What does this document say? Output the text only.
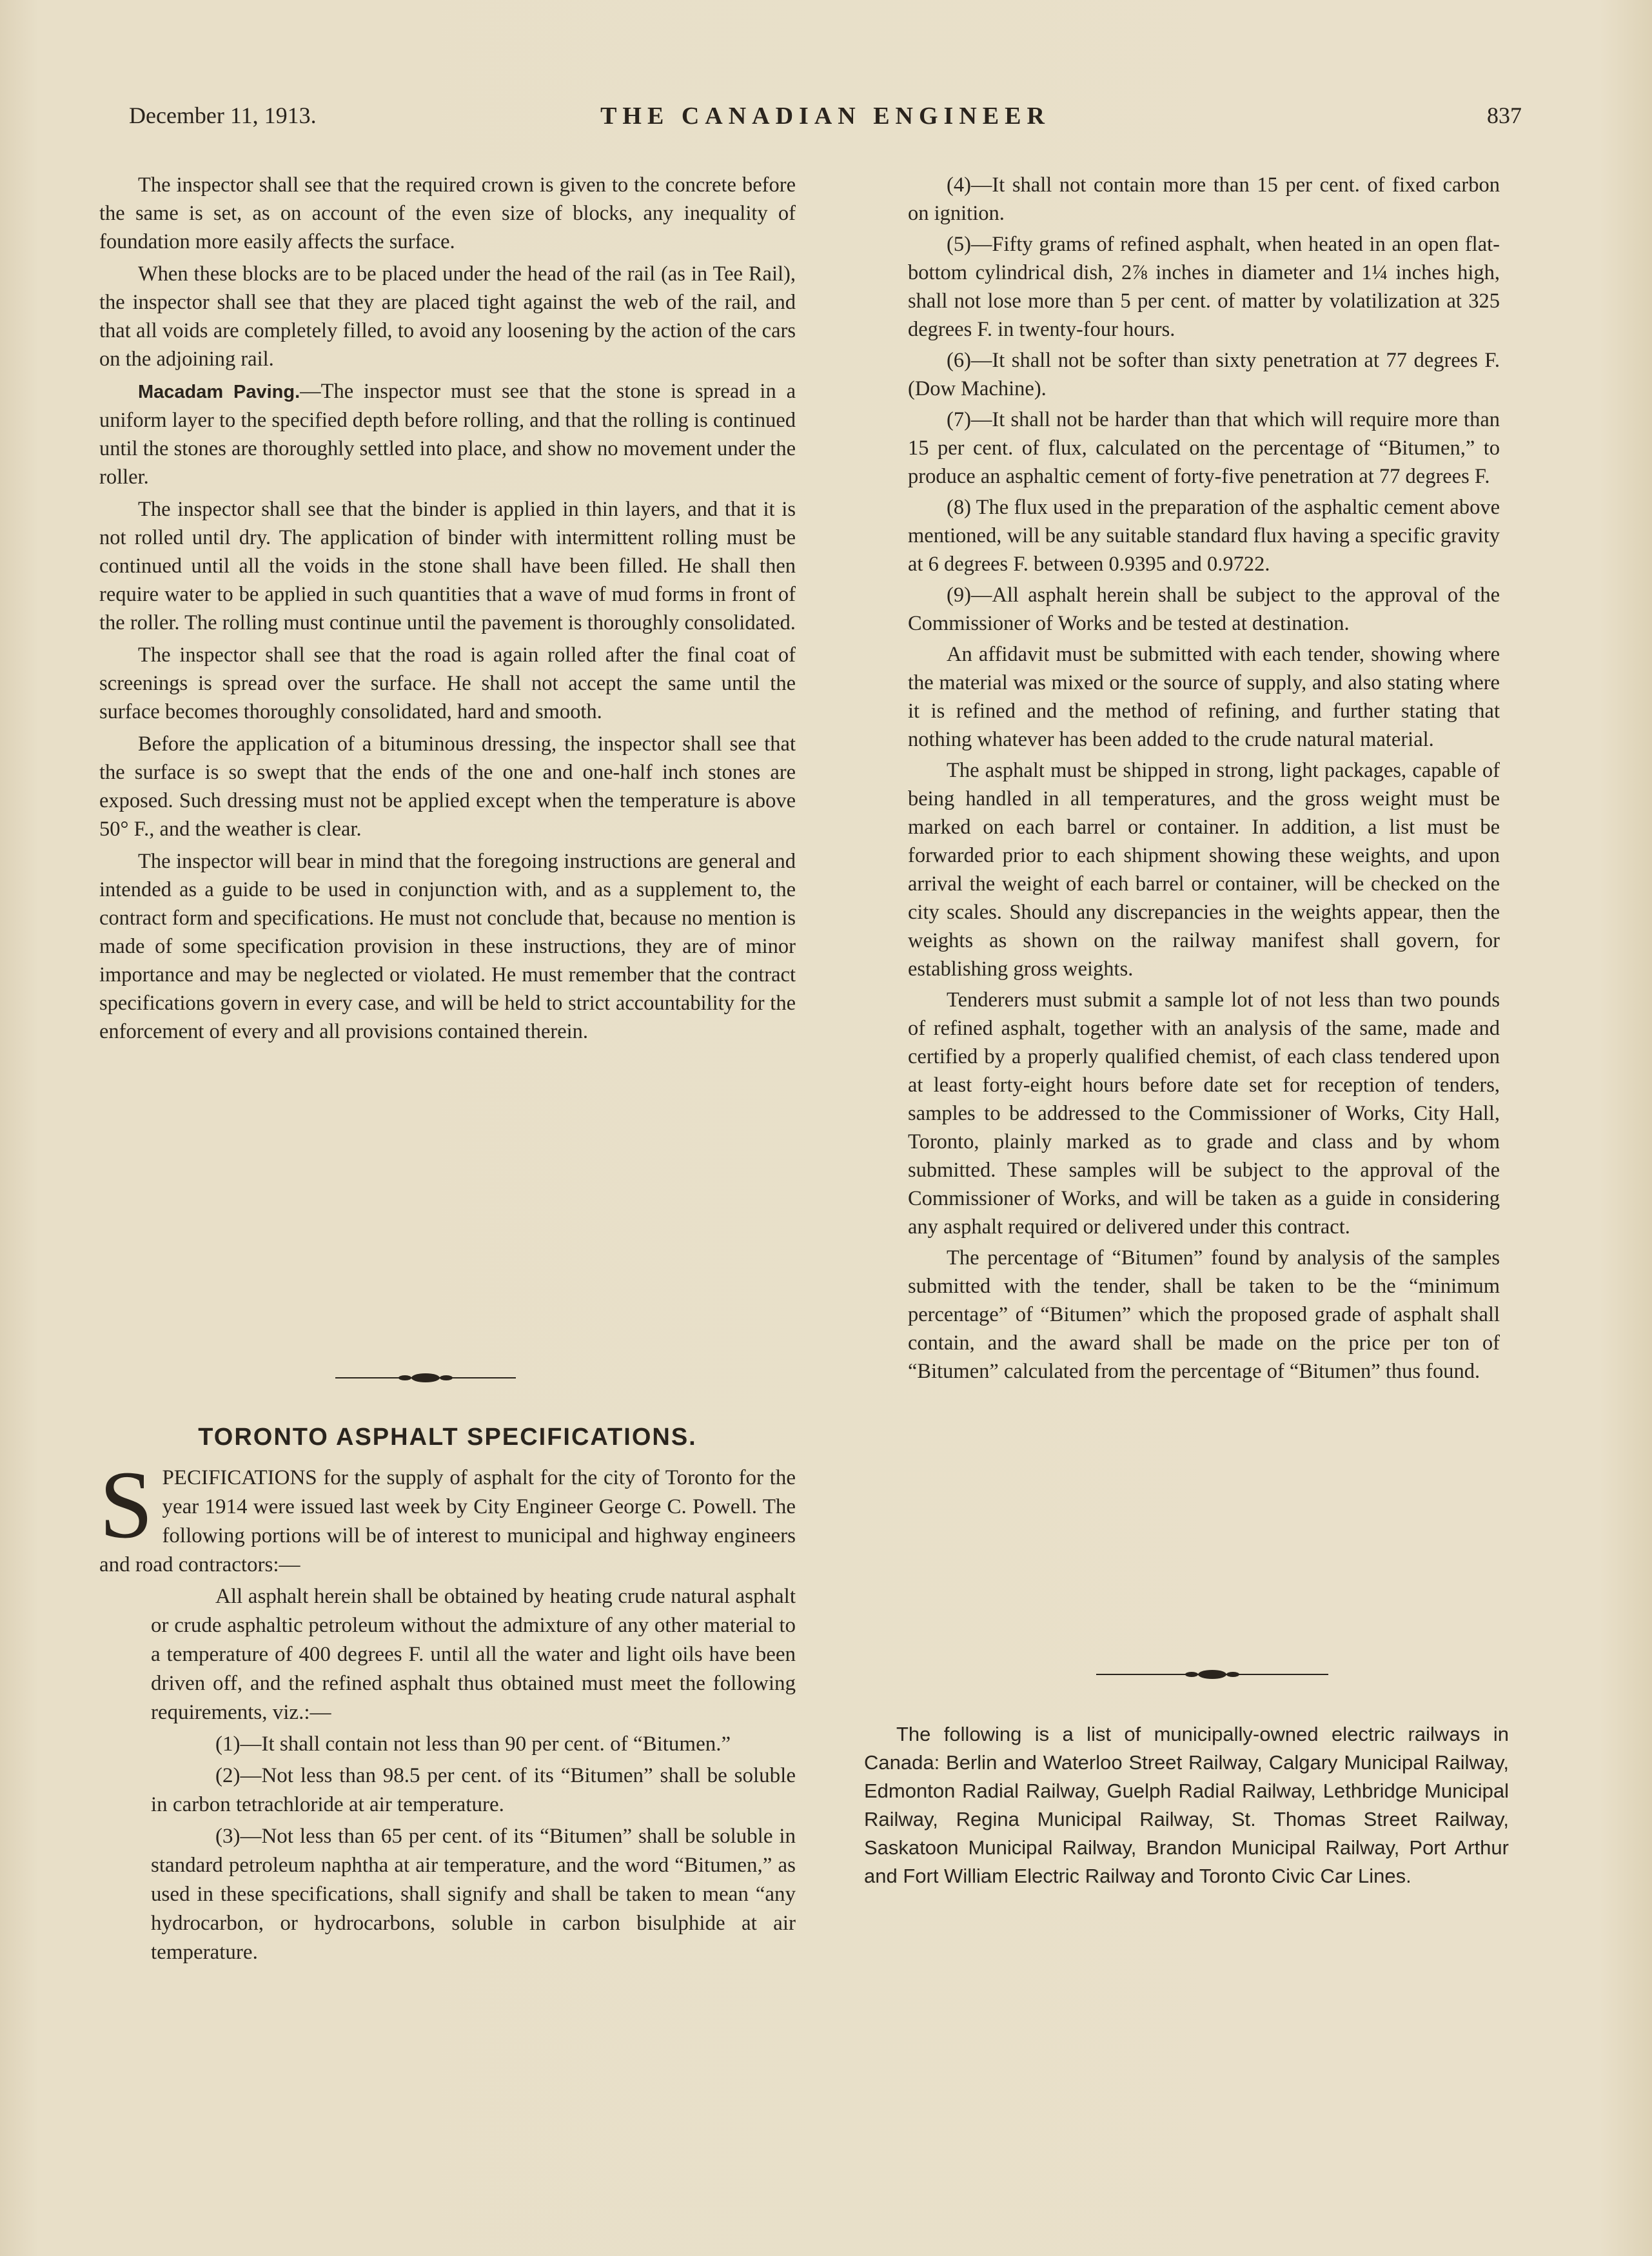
December 11, 1913.	THE CANADIAN ENGINEER	837

The inspector shall see that the required crown is given to the concrete before the same is set, as on account of the even size of blocks, any inequality of foundation more easily affects the surface.

When these blocks are to be placed under the head of the rail (as in Tee Rail), the inspector shall see that they are placed tight against the web of the rail, and that all voids are completely filled, to avoid any loosening by the action of the cars on the adjoining rail.

Macadam Paving.—The inspector must see that the stone is spread in a uniform layer to the specified depth before rolling, and that the rolling is continued until the stones are thoroughly settled into place, and show no movement under the roller.

The inspector shall see that the binder is applied in thin layers, and that it is not rolled until dry. The application of binder with intermittent rolling must be continued until all the voids in the stone shall have been filled. He shall then require water to be applied in such quantities that a wave of mud forms in front of the roller. The rolling must continue until the pavement is thoroughly consolidated.

The inspector shall see that the road is again rolled after the final coat of screenings is spread over the surface. He shall not accept the same until the surface becomes thoroughly consolidated, hard and smooth.

Before the application of a bituminous dressing, the inspector shall see that the surface is so swept that the ends of the one and one-half inch stones are exposed. Such dressing must not be applied except when the temperature is above 50° F., and the weather is clear.

The inspector will bear in mind that the foregoing instructions are general and intended as a guide to be used in conjunction with, and as a supplement to, the contract form and specifications. He must not conclude that, because no mention is made of some specification provision in these instructions, they are of minor importance and may be neglected or violated. He must remember that the contract specifications govern in every case, and will be held to strict accountability for the enforcement of every and all provisions contained therein.

TORONTO ASPHALT SPECIFICATIONS.

SPECIFICATIONS for the supply of asphalt for the city of Toronto for the year 1914 were issued last week by City Engineer George C. Powell. The following portions will be of interest to municipal and highway engineers and road contractors:—

All asphalt herein shall be obtained by heating crude natural asphalt or crude asphaltic petroleum without the admixture of any other material to a temperature of 400 degrees F. until all the water and light oils have been driven off, and the refined asphalt thus obtained must meet the following requirements, viz.:—

(1)—It shall contain not less than 90 per cent. of “Bitumen.”

(2)—Not less than 98.5 per cent. of its “Bitumen” shall be soluble in carbon tetrachloride at air temperature.

(3)—Not less than 65 per cent. of its “Bitumen” shall be soluble in standard petroleum naphtha at air temperature, and the word “Bitumen,” as used in these specifications, shall signify and shall be taken to mean “any hydrocarbon, or hydrocarbons, soluble in carbon bisulphide at air temperature.

(4)—It shall not contain more than 15 per cent. of fixed carbon on ignition.

(5)—Fifty grams of refined asphalt, when heated in an open flat-bottom cylindrical dish, 2⅞ inches in diameter and 1¼ inches high, shall not lose more than 5 per cent. of matter by volatilization at 325 degrees F. in twenty-four hours.

(6)—It shall not be softer than sixty penetration at 77 degrees F. (Dow Machine).

(7)—It shall not be harder than that which will require more than 15 per cent. of flux, calculated on the percentage of “Bitumen,” to produce an asphaltic cement of forty-five penetration at 77 degrees F.

(8) The flux used in the preparation of the asphaltic cement above mentioned, will be any suitable standard flux having a specific gravity at 6 degrees F. between 0.9395 and 0.9722.

(9)—All asphalt herein shall be subject to the approval of the Commissioner of Works and be tested at destination.

An affidavit must be submitted with each tender, showing where the material was mixed or the source of supply, and also stating where it is refined and the method of refining, and further stating that nothing whatever has been added to the crude natural material.

The asphalt must be shipped in strong, light packages, capable of being handled in all temperatures, and the gross weight must be marked on each barrel or container. In addition, a list must be forwarded prior to each shipment showing these weights, and upon arrival the weight of each barrel or container, will be checked on the city scales. Should any discrepancies in the weights appear, then the weights as shown on the railway manifest shall govern, for establishing gross weights.

Tenderers must submit a sample lot of not less than two pounds of refined asphalt, together with an analysis of the same, made and certified by a properly qualified chemist, of each class tendered upon at least forty-eight hours before date set for reception of tenders, samples to be addressed to the Commissioner of Works, City Hall, Toronto, plainly marked as to grade and class and by whom submitted. These samples will be subject to the approval of the Commissioner of Works, and will be taken as a guide in considering any asphalt required or delivered under this contract.

The percentage of “Bitumen” found by analysis of the samples submitted with the tender, shall be taken to be the “minimum percentage” of “Bitumen” which the proposed grade of asphalt shall contain, and the award shall be made on the price per ton of “Bitumen” calculated from the percentage of “Bitumen” thus found.

The following is a list of municipally-owned electric railways in Canada: Berlin and Waterloo Street Railway, Calgary Municipal Railway, Edmonton Radial Railway, Guelph Radial Railway, Lethbridge Municipal Railway, Regina Municipal Railway, St. Thomas Street Railway, Saskatoon Municipal Railway, Brandon Municipal Railway, Port Arthur and Fort William Electric Railway and Toronto Civic Car Lines.
